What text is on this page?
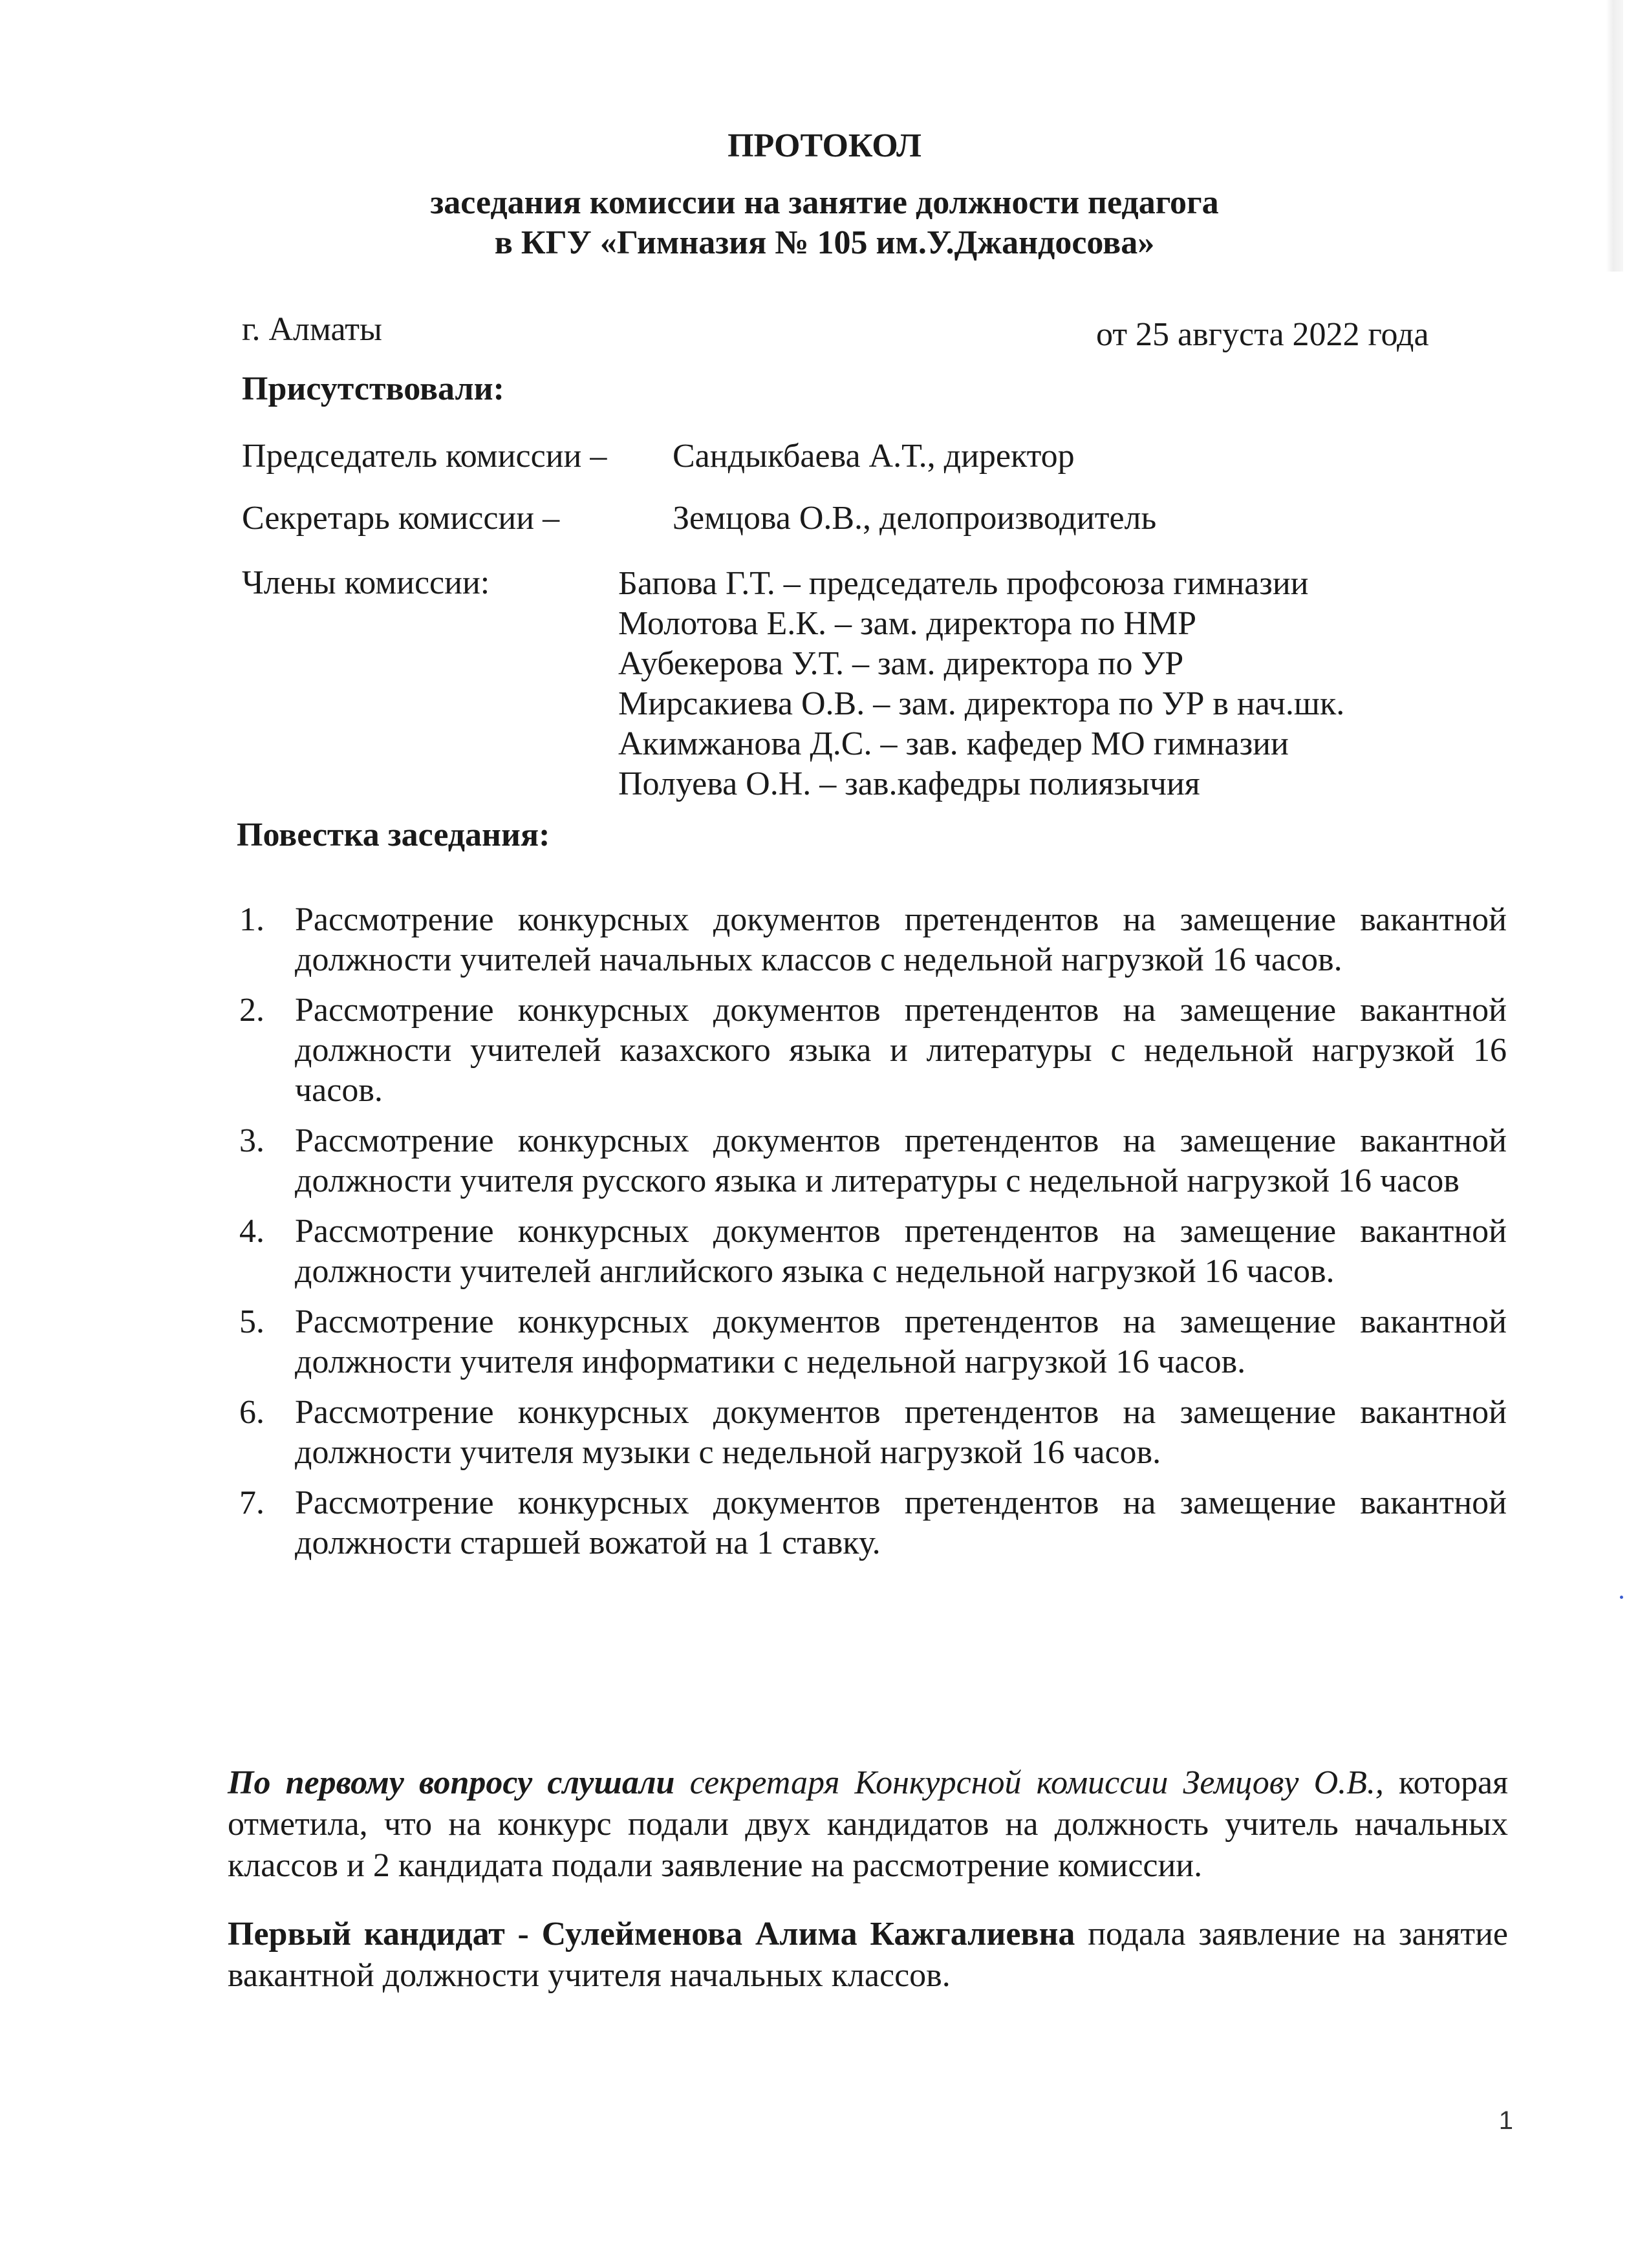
ПРОТОКОЛ
заседания комиссии на занятие должности педагога
в КГУ «Гимназия № 105 им.У.Джандосова»
г. Алматы	от 25 августа 2022 года
Присутствовали:
Председатель комиссии – Сандыкбаева А.Т., директор
Секретарь комиссии –	Земцова О.В., делопроизводитель
Члены комиссии:	Бапова Г.Т. – председатель профсоюза гимназии
Молотова Е.К. – зам. директора по НМР
Аубекерова У.Т. – зам. директора по УР
Мирсакиева О.В. – зам. директора по УР в нач.шк.
Акимжанова Д.С. – зав. кафедер МО гимназии
Полуева О.Н. – зав.кафедры полиязычия
Повестка заседания:
1. Рассмотрение конкурсных документов претендентов на замещение вакантной должности учителей начальных классов с недельной нагрузкой 16 часов.
2. Рассмотрение конкурсных документов претендентов на замещение вакантной должности учителей казахского языка и литературы с недельной нагрузкой 16 часов.
3. Рассмотрение конкурсных документов претендентов на замещение вакантной должности учителя русского языка и литературы с недельной нагрузкой 16 часов
4. Рассмотрение конкурсных документов претендентов на замещение вакантной должности учителей английского языка с недельной нагрузкой 16 часов.
5. Рассмотрение конкурсных документов претендентов на замещение вакантной должности учителя информатики с недельной нагрузкой 16 часов.
6. Рассмотрение конкурсных документов претендентов на замещение вакантной должности учителя музыки с недельной нагрузкой 16 часов.
7. Рассмотрение конкурсных документов претендентов на замещение вакантной должности старшей вожатой на 1 ставку.
По первому вопросу слушали секретаря Конкурсной комиссии Земцову О.В., которая отметила, что на конкурс подали двух кандидатов на должность учитель начальных классов и 2 кандидата подали заявление на рассмотрение комиссии.
Первый кандидат - Сулейменова Алима Кажгалиевна подала заявление на занятие вакантной должности учителя начальных классов.
1
